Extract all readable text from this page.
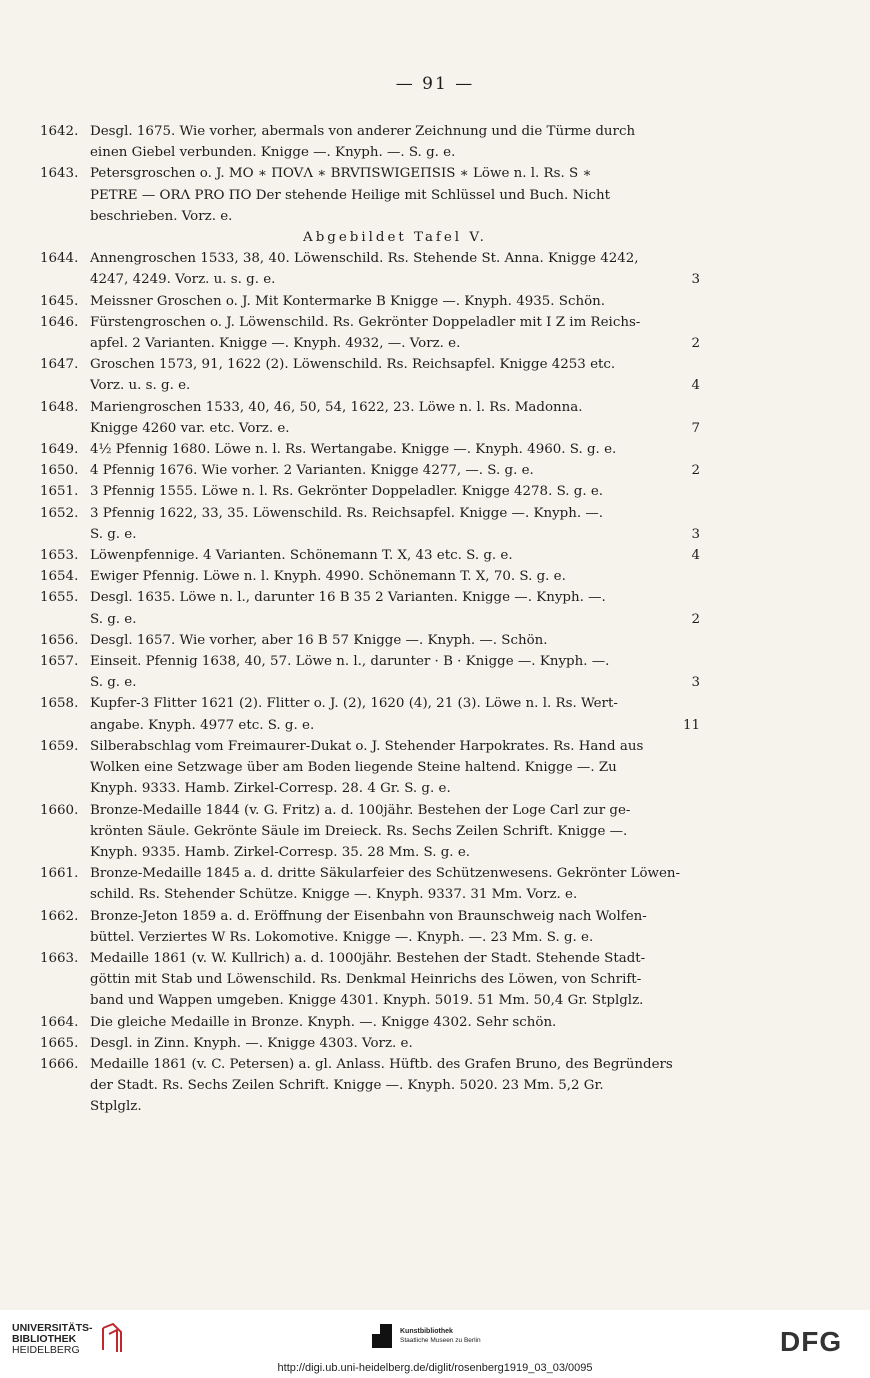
— 91 —
1642. Desgl. 1675. Wie vorher, abermals von anderer Zeichnung und die Türme durch
einen Giebel verbunden. Knigge —. Knyph. —. S. g. e.
1643. Petersgroschen o. J. MO ∗ ПOVΛ ∗ BRVПSWIGEПSIS ∗ Löwe n. l. Rs. S ∗
PETRE — ORΛ PRO ПO Der stehende Heilige mit Schlüssel und Buch. Nicht
beschrieben. Vorz. e.
Abgebildet Tafel V.
1644. Annengroschen 1533, 38, 40. Löwenschild. Rs. Stehende St. Anna. Knigge 4242,
4247, 4249. Vorz. u. s. g. e.	3
1645. Meissner Groschen o. J. Mit Kontermarke B Knigge —. Knyph. 4935. Schön.
1646. Fürstengroschen o. J. Löwenschild. Rs. Gekrönter Doppeladler mit I Z im Reichs-
apfel. 2 Varianten. Knigge —. Knyph. 4932, —. Vorz. e.	2
1647. Groschen 1573, 91, 1622 (2). Löwenschild. Rs. Reichsapfel. Knigge 4253 etc.
Vorz. u. s. g. e.	4
1648. Mariengroschen 1533, 40, 46, 50, 54, 1622, 23. Löwe n. l. Rs. Madonna.
Knigge 4260 var. etc. Vorz. e.	7
1649. 4½ Pfennig 1680. Löwe n. l. Rs. Wertangabe. Knigge —. Knyph. 4960. S. g. e.
1650. 4 Pfennig 1676. Wie vorher. 2 Varianten. Knigge 4277, —. S. g. e.	2
1651. 3 Pfennig 1555. Löwe n. l. Rs. Gekrönter Doppeladler. Knigge 4278. S. g. e.
1652. 3 Pfennig 1622, 33, 35. Löwenschild. Rs. Reichsapfel. Knigge —. Knyph. —.
S. g. e.	3
1653. Löwenpfennige. 4 Varianten. Schönemann T. X, 43 etc. S. g. e.	4
1654. Ewiger Pfennig. Löwe n. l. Knyph. 4990. Schönemann T. X, 70. S. g. e.
1655. Desgl. 1635. Löwe n. l., darunter 16 B 35 2 Varianten. Knigge —. Knyph. —.
S. g. e.	2
1656. Desgl. 1657. Wie vorher, aber 16 B 57 Knigge —. Knyph. —. Schön.
1657. Einseit. Pfennig 1638, 40, 57. Löwe n. l., darunter · B · Knigge —. Knyph. —.
S. g. e.	3
1658. Kupfer-3 Flitter 1621 (2). Flitter o. J. (2), 1620 (4), 21 (3). Löwe n. l. Rs. Wert-
angabe. Knyph. 4977 etc. S. g. e.	11
1659. Silberabschlag vom Freimaurer-Dukat o. J. Stehender Harpokrates. Rs. Hand aus
Wolken eine Setzwage über am Boden liegende Steine haltend. Knigge —. Zu
Knyph. 9333. Hamb. Zirkel-Corresp. 28. 4 Gr. S. g. e.
1660. Bronze-Medaille 1844 (v. G. Fritz) a. d. 100jähr. Bestehen der Loge Carl zur ge-
krönten Säule. Gekrönte Säule im Dreieck. Rs. Sechs Zeilen Schrift. Knigge —.
Knyph. 9335. Hamb. Zirkel-Corresp. 35. 28 Mm. S. g. e.
1661. Bronze-Medaille 1845 a. d. dritte Säkularfeier des Schützenwesens. Gekrönter Löwen-
schild. Rs. Stehender Schütze. Knigge —. Knyph. 9337. 31 Mm. Vorz. e.
1662. Bronze-Jeton 1859 a. d. Eröffnung der Eisenbahn von Braunschweig nach Wolfen-
büttel. Verziertes W Rs. Lokomotive. Knigge —. Knyph. —. 23 Mm. S. g. e.
1663. Medaille 1861 (v. W. Kullrich) a. d. 1000jähr. Bestehen der Stadt. Stehende Stadt-
göttin mit Stab und Löwenschild. Rs. Denkmal Heinrichs des Löwen, von Schrift-
band und Wappen umgeben. Knigge 4301. Knyph. 5019. 51 Mm. 50,4 Gr. Stplglz.
1664. Die gleiche Medaille in Bronze. Knyph. —. Knigge 4302. Sehr schön.
1665. Desgl. in Zinn. Knyph. —. Knigge 4303. Vorz. e.
1666. Medaille 1861 (v. C. Petersen) a. gl. Anlass. Hüftb. des Grafen Bruno, des Begründers
der Stadt. Rs. Sechs Zeilen Schrift. Knigge —. Knyph. 5020. 23 Mm. 5,2 Gr.
Stplglz.
UNIVERSITÄTS-
BIBLIOTHEK
HEIDELBERG
Kunstbibliothek
Staatliche Museen zu Berlin	DFG
http://digi.ub.uni-heidelberg.de/diglit/rosenberg1919_03_03/0095
